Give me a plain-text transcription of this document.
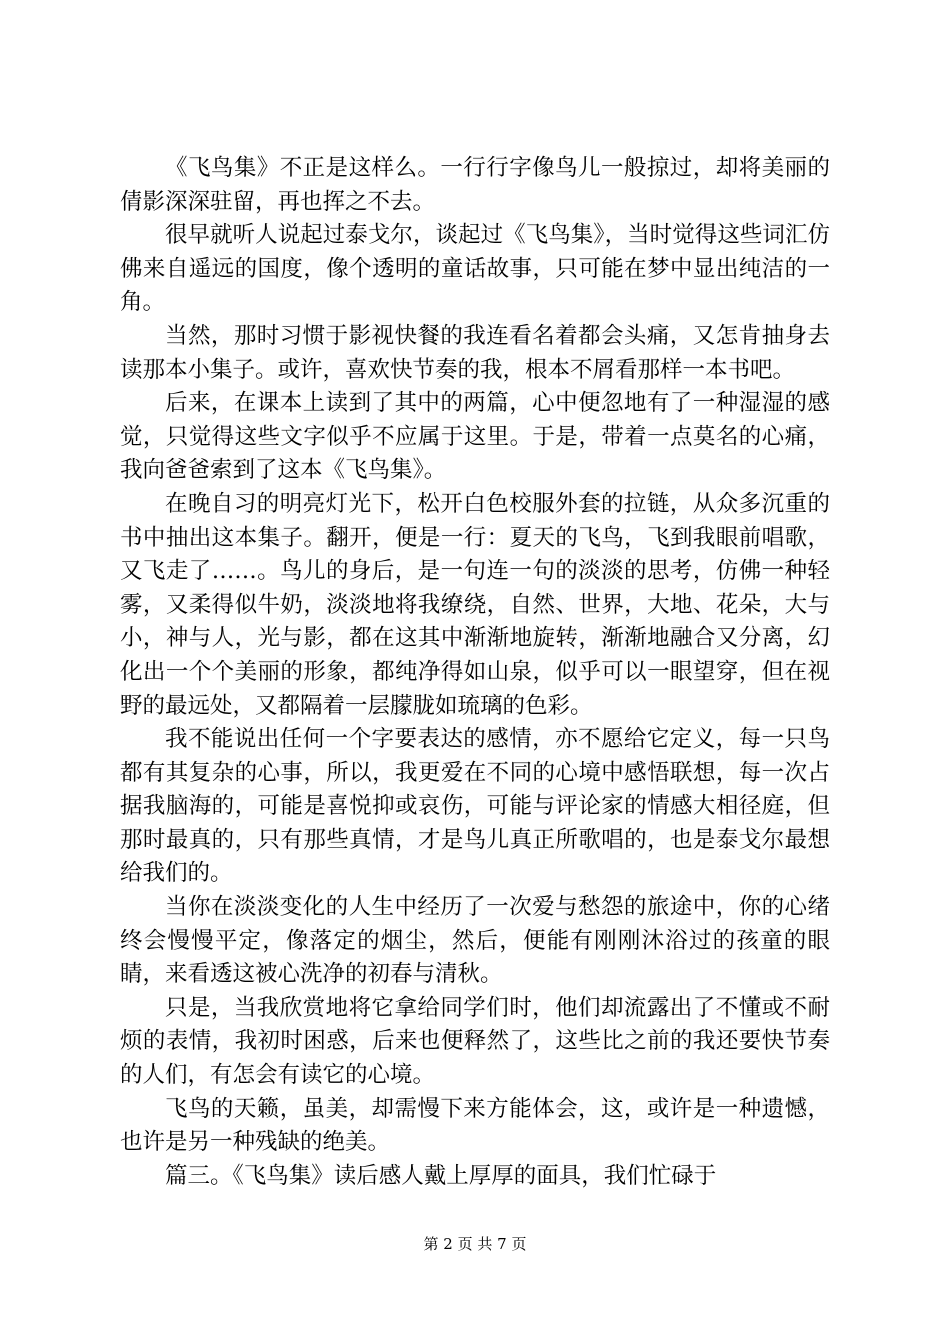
《飞鸟集》不正是这样么。一行行字像鸟儿一般掠过，却将美丽的倩影深深驻留，再也挥之不去。

很早就听人说起过泰戈尔，谈起过《飞鸟集》，当时觉得这些词汇仿佛来自遥远的国度，像个透明的童话故事，只可能在梦中显出纯洁的一角。

当然，那时习惯于影视快餐的我连看名着都会头痛，又怎肯抽身去读那本小集子。或许，喜欢快节奏的我，根本不屑看那样一本书吧。

后来，在课本上读到了其中的两篇，心中便忽地有了一种湿湿的感觉，只觉得这些文字似乎不应属于这里。于是，带着一点莫名的心痛，我向爸爸索到了这本《飞鸟集》。

在晚自习的明亮灯光下，松开白色校服外套的拉链，从众多沉重的书中抽出这本集子。翻开，便是一行：夏天的飞鸟，飞到我眼前唱歌，又飞走了……。鸟儿的身后，是一句连一句的淡淡的思考，仿佛一种轻雾，又柔得似牛奶，淡淡地将我缭绕，自然、世界，大地、花朵，大与小，神与人，光与影，都在这其中渐渐地旋转，渐渐地融合又分离，幻化出一个个美丽的形象，都纯净得如山泉，似乎可以一眼望穿，但在视野的最远处，又都隔着一层朦胧如琉璃的色彩。

我不能说出任何一个字要表达的感情，亦不愿给它定义，每一只鸟都有其复杂的心事，所以，我更爱在不同的心境中感悟联想，每一次占据我脑海的，可能是喜悦抑或哀伤，可能与评论家的情感大相径庭，但那时最真的，只有那些真情，才是鸟儿真正所歌唱的，也是泰戈尔最想给我们的。

当你在淡淡变化的人生中经历了一次爱与愁怨的旅途中，你的心绪终会慢慢平定，像落定的烟尘，然后，便能有刚刚沐浴过的孩童的眼睛，来看透这被心洗净的初春与清秋。

只是，当我欣赏地将它拿给同学们时，他们却流露出了不懂或不耐烦的表情，我初时困惑，后来也便释然了，这些比之前的我还要快节奏的人们，有怎会有读它的心境。

飞鸟的天籁，虽美，却需慢下来方能体会，这，或许是一种遗憾，也许是另一种残缺的绝美。

篇三。《飞鸟集》读后感人戴上厚厚的面具，我们忙碌于

第 2 页 共 7 页
